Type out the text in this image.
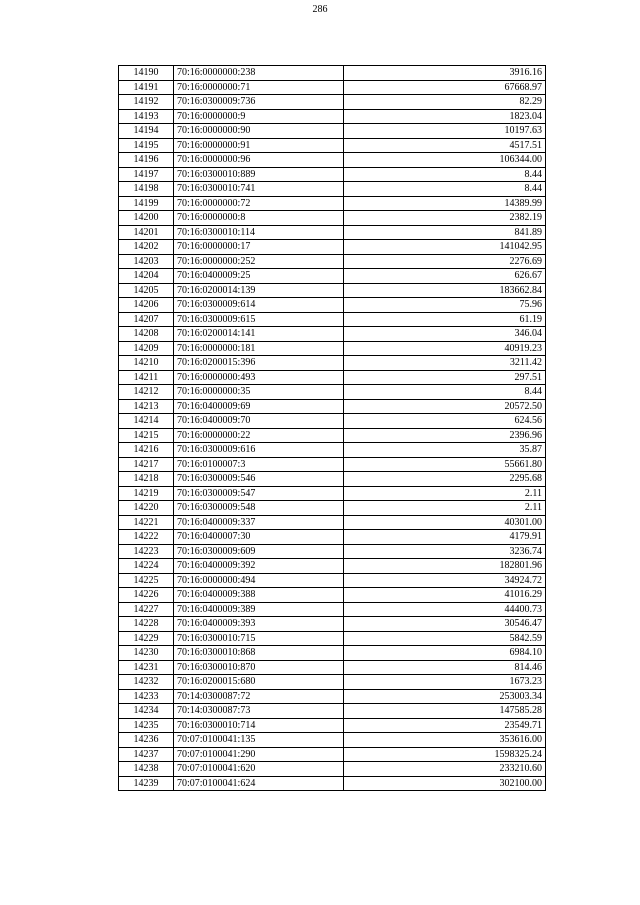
286
14190	70:16:0000000:238	3916.16
14191	70:16:0000000:71	67668.97
14192	70:16:0300009:736	82.29
14193	70:16:0000000:9	1823.04
14194	70:16:0000000:90	10197.63
14195	70:16:0000000:91	4517.51
14196	70:16:0000000:96	106344.00
14197	70:16:0300010:889	8.44
14198	70:16:0300010:741	8.44
14199	70:16:0000000:72	14389.99
14200	70:16:0000000:8	2382.19
14201	70:16:0300010:114	841.89
14202	70:16:0000000:17	141042.95
14203	70:16:0000000:252	2276.69
14204	70:16:0400009:25	626.67
14205	70:16:0200014:139	183662.84
14206	70:16:0300009:614	75.96
14207	70:16:0300009:615	61.19
14208	70:16:0200014:141	346.04
14209	70:16:0000000:181	40919.23
14210	70:16:0200015:396	3211.42
14211	70:16:0000000:493	297.51
14212	70:16:0000000:35	8.44
14213	70:16:0400009:69	20572.50
14214	70:16:0400009:70	624.56
14215	70:16:0000000:22	2396.96
14216	70:16:0300009:616	35.87
14217	70:16:0100007:3	55661.80
14218	70:16:0300009:546	2295.68
14219	70:16:0300009:547	2.11
14220	70:16:0300009:548	2.11
14221	70:16:0400009:337	40301.00
14222	70:16:0400007:30	4179.91
14223	70:16:0300009:609	3236.74
14224	70:16:0400009:392	182801.96
14225	70:16:0000000:494	34924.72
14226	70:16:0400009:388	41016.29
14227	70:16:0400009:389	44400.73
14228	70:16:0400009:393	30546.47
14229	70:16:0300010:715	5842.59
14230	70:16:0300010:868	6984.10
14231	70:16:0300010:870	814.46
14232	70:16:0200015:680	1673.23
14233	70:14:0300087:72	253003.34
14234	70:14:0300087:73	147585.28
14235	70:16:0300010:714	23549.71
14236	70:07:0100041:135	353616.00
14237	70:07:0100041:290	1598325.24
14238	70:07:0100041:620	233210.60
14239	70:07:0100041:624	302100.00
